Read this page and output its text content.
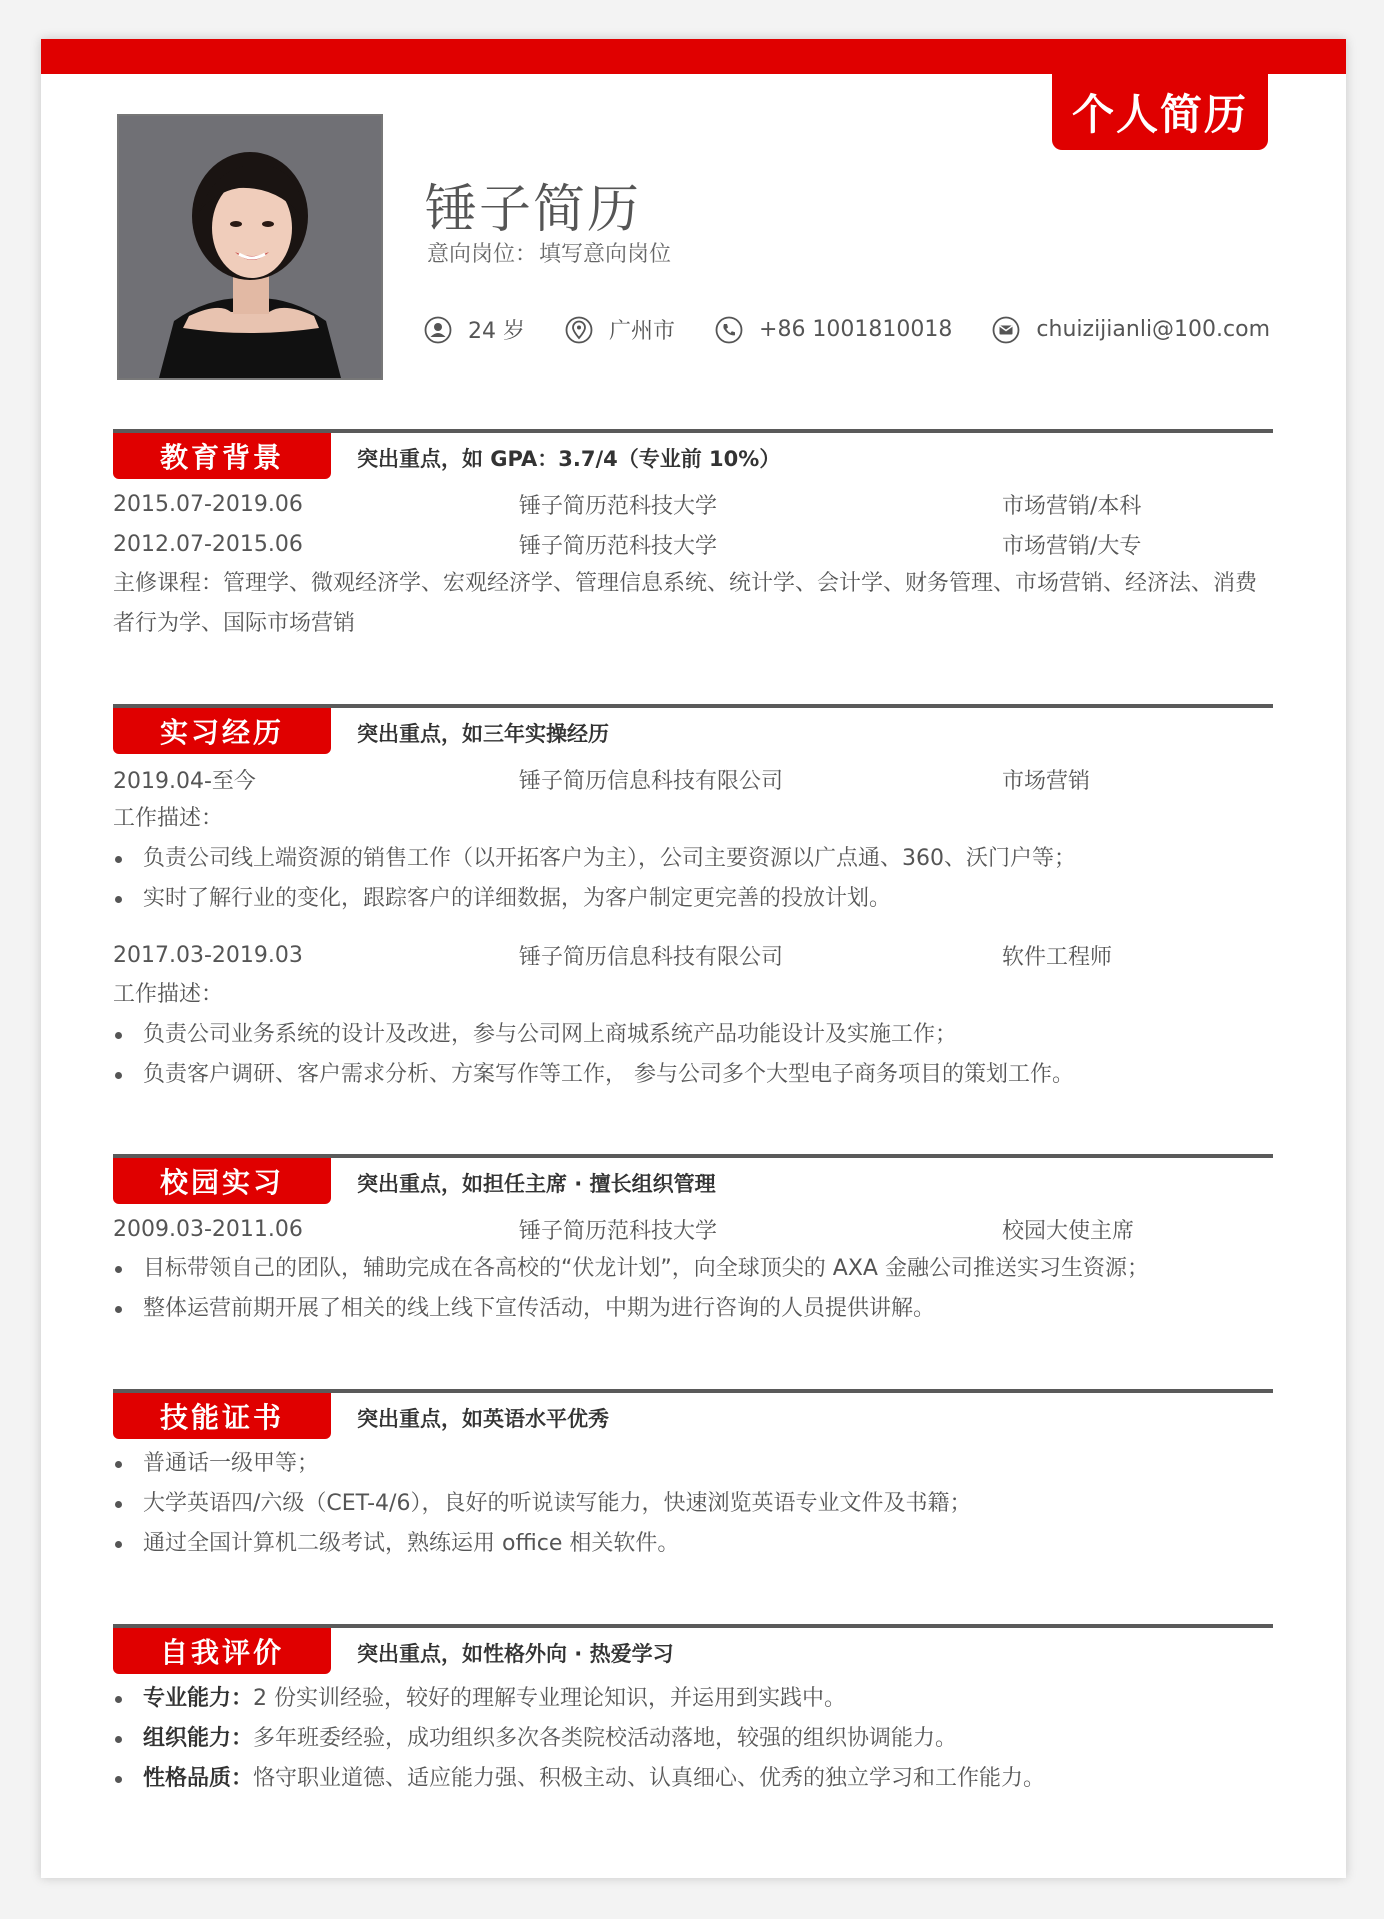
个人简历
锤子简历
意向岗位：填写意向岗位
24 岁	广州市	+86 1001810018	chuizijianli@100.com
教育背景	突出重点，如 GPA：3.7/4（专业前 10%）
2015.07-2019.06	锤子简历范科技大学	市场营销/本科
2012.07-2015.06	锤子简历范科技大学	市场营销/大专
主修课程：管理学、微观经济学、宏观经济学、管理信息系统、统计学、会计学、财务管理、市场营销、经济法、消费者行为学、国际市场营销
实习经历	突出重点，如三年实操经历
2019.04-至今	锤子简历信息科技有限公司	市场营销
工作描述：
负责公司线上端资源的销售工作（以开拓客户为主），公司主要资源以广点通、360、沃门户等；
实时了解行业的变化，跟踪客户的详细数据，为客户制定更完善的投放计划。
2017.03-2019.03	锤子简历信息科技有限公司	软件工程师
工作描述：
负责公司业务系统的设计及改进，参与公司网上商城系统产品功能设计及实施工作；
负责客户调研、客户需求分析、方案写作等工作， 参与公司多个大型电子商务项目的策划工作。
校园实习	突出重点，如担任主席 · 擅长组织管理
2009.03-2011.06	锤子简历范科技大学	校园大使主席
目标带领自己的团队，辅助完成在各高校的“伏龙计划”，向全球顶尖的 AXA 金融公司推送实习生资源；
整体运营前期开展了相关的线上线下宣传活动，中期为进行咨询的人员提供讲解。
技能证书	突出重点，如英语水平优秀
普通话一级甲等；
大学英语四/六级（CET-4/6），良好的听说读写能力，快速浏览英语专业文件及书籍；
通过全国计算机二级考试，熟练运用 office 相关软件。
自我评价	突出重点，如性格外向 · 热爱学习
专业能力：2 份实训经验，较好的理解专业理论知识，并运用到实践中。
组织能力：多年班委经验，成功组织多次各类院校活动落地，较强的组织协调能力。
性格品质：恪守职业道德、适应能力强、积极主动、认真细心、优秀的独立学习和工作能力。
